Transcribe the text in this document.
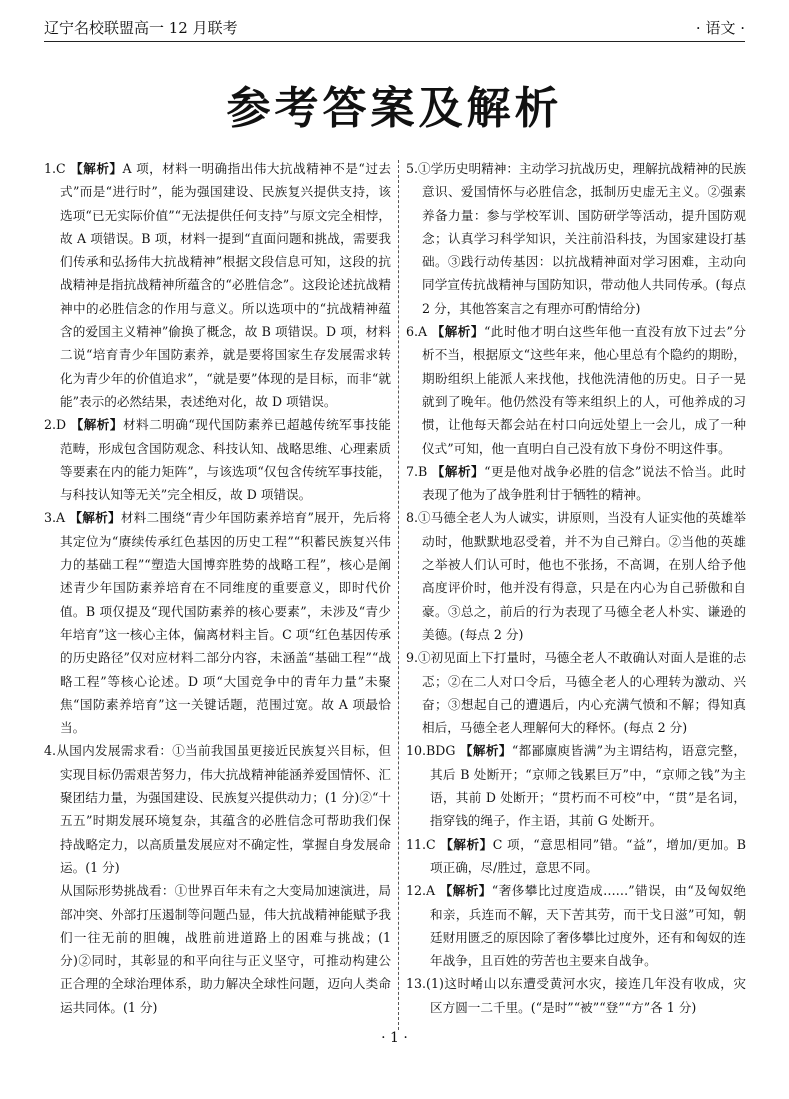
辽宁名校联盟高一 12 月联考	· 语文 ·
参考答案及解析

1.C 【解析】A 项，材料一明确指出伟大抗战精神不是“过去式”而是“进行时”，能为强国建设、民族复兴提供支持，该选项“已无实际价值”“无法提供任何支持”与原文完全相悖，故 A 项错误。B 项，材料一提到“直面问题和挑战，需要我们传承和弘扬伟大抗战精神”根据文段信息可知，这段的抗战精神是指抗战精神所蕴含的“必胜信念”。这段论述抗战精神中的必胜信念的作用与意义。所以选项中的“抗战精神蕴含的爱国主义精神”偷换了概念，故 B 项错误。D 项，材料二说“培育青少年国防素养，就是要将国家生存发展需求转化为青少年的价值追求”，“就是要”体现的是目标，而非“就能”表示的必然结果，表述绝对化，故 D 项错误。

2.D 【解析】材料二明确“现代国防素养已超越传统军事技能范畴，形成包含国防观念、科技认知、战略思维、心理素质等要素在内的能力矩阵”，与该选项“仅包含传统军事技能，与科技认知等无关”完全相反，故 D 项错误。

3.A 【解析】材料二围绕“青少年国防素养培育”展开，先后将其定位为“赓续传承红色基因的历史工程”“积蓄民族复兴伟力的基础工程”“塑造大国博弈胜势的战略工程”，核心是阐述青少年国防素养培育在不同维度的重要意义，即时代价值。B 项仅提及“现代国防素养的核心要素”，未涉及“青少年培育”这一核心主体，偏离材料主旨。C 项“红色基因传承的历史路径”仅对应材料二部分内容，未涵盖“基础工程”“战略工程”等核心论述。D 项“大国竞争中的青年力量”未聚焦“国防素养培育”这一关键话题，范围过宽。故 A 项最恰当。

4.从国内发展需求看：①当前我国虽更接近民族复兴目标，但实现目标仍需艰苦努力，伟大抗战精神能涵养爱国情怀、汇聚团结力量，为强国建设、民族复兴提供动力；(1 分)②“十五五”时期发展环境复杂，其蕴含的必胜信念可帮助我们保持战略定力，以高质量发展应对不确定性，掌握自身发展命运。(1 分)

从国际形势挑战看：①世界百年未有之大变局加速演进，局部冲突、外部打压遏制等问题凸显，伟大抗战精神能赋予我们一往无前的胆魄，战胜前进道路上的困难与挑战；(1 分)②同时，其彰显的和平向往与正义坚守，可推动构建公正合理的全球治理体系，助力解决全球性问题，迈向人类命运共同体。(1 分)

5.①学历史明精神：主动学习抗战历史，理解抗战精神的民族意识、爱国情怀与必胜信念，抵制历史虚无主义。②强素养备力量：参与学校军训、国防研学等活动，提升国防观念；认真学习科学知识，关注前沿科技，为国家建设打基础。③践行动传基因：以抗战精神面对学习困难，主动向同学宣传抗战精神与国防知识，带动他人共同传承。(每点 2 分，其他答案言之有理亦可酌情给分)

6.A 【解析】“此时他才明白这些年他一直没有放下过去”分析不当，根据原文“这些年来，他心里总有个隐约的期盼，期盼组织上能派人来找他，找他洗清他的历史。日子一晃就到了晚年。他仍然没有等来组织上的人，可他养成的习惯，让他每天都会站在村口向远处望上一会儿，成了一种仪式”可知，他一直明白自己没有放下身份不明这件事。

7.B 【解析】“更是他对战争必胜的信念”说法不恰当。此时表现了他为了战争胜利甘于牺牲的精神。

8.①马德全老人为人诚实，讲原则，当没有人证实他的英雄举动时，他默默地忍受着，并不为自己辩白。②当他的英雄之举被人们认可时，他也不张扬，不高调，在别人给予他高度评价时，他并没有得意，只是在内心为自己骄傲和自豪。③总之，前后的行为表现了马德全老人朴实、谦逊的美德。(每点 2 分)

9.①初见面上下打量时，马德全老人不敢确认对面人是谁的忐忑；②在二人对口令后，马德全老人的心理转为激动、兴奋；③想起自己的遭遇后，内心充满气愤和不解；得知真相后，马德全老人理解何大的释怀。(每点 2 分)

10.BDG 【解析】“都鄙廪庾皆满”为主谓结构，语意完整，其后 B 处断开；“京师之钱累巨万”中，“京师之钱”为主语，其前 D 处断开；“贯朽而不可校”中，“贯”是名词，指穿钱的绳子，作主语，其前 G 处断开。

11.C 【解析】C 项，“意思相同”错。“益”，增加/更加。B 项正确，尽/胜过，意思不同。

12.A 【解析】“奢侈攀比过度造成……”错误，由“及匈奴绝和亲，兵连而不解，天下苦其劳，而干戈日滋”可知，朝廷财用匮乏的原因除了奢侈攀比过度外，还有和匈奴的连年战争，且百姓的劳苦也主要来自战争。

13.(1)这时崤山以东遭受黄河水灾，接连几年没有收成，灾区方圆一二千里。(“是时”“被”“登”“方”各 1 分)

· 1 ·
